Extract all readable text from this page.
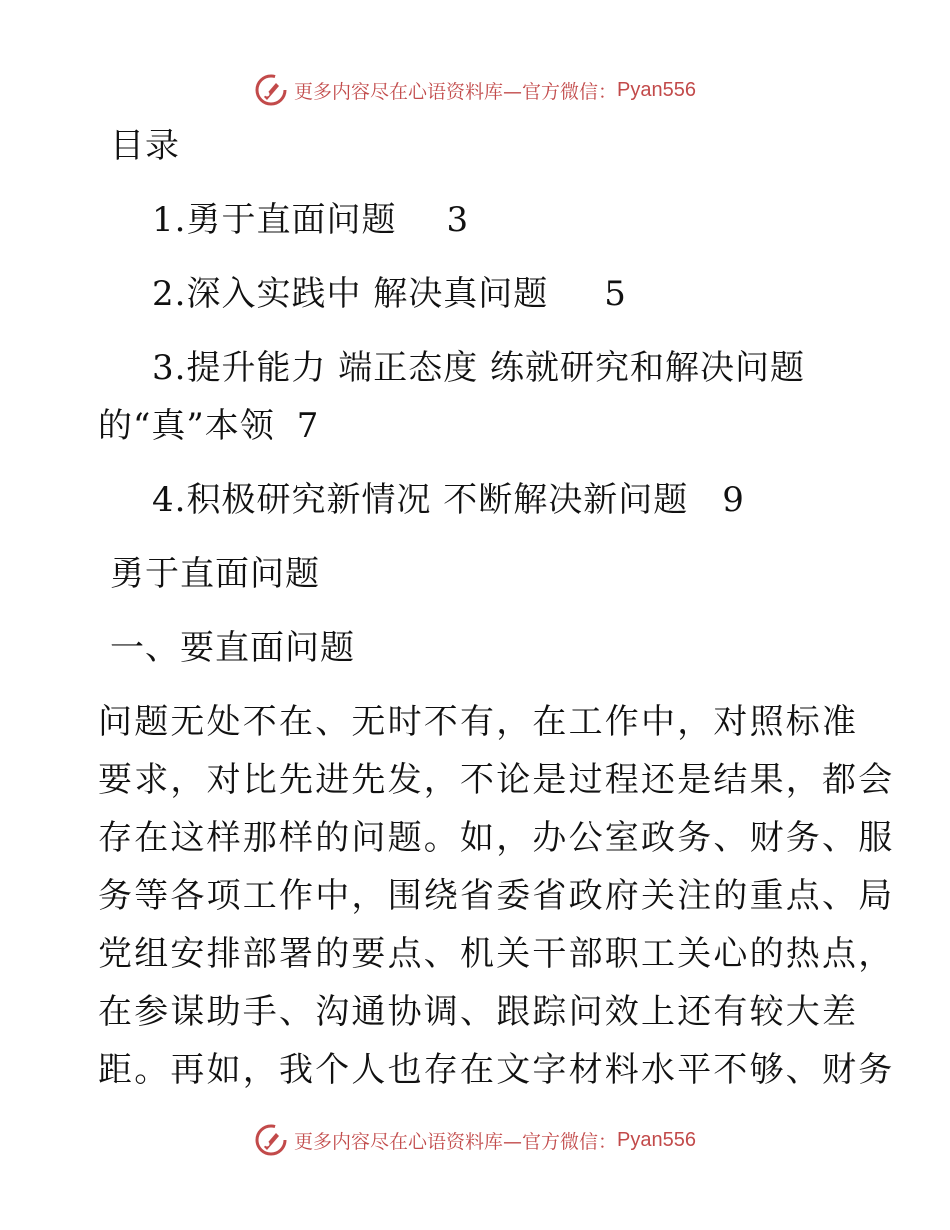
更多内容尽在心语资料库—官方微信： Pyan556
目录
1.勇于直面问题 3
2.深入实践中 解决真问题 5
3.提升能力 端正态度 练就研究和解决问题
的“真”本领 7
4.积极研究新情况 不断解决新问题 9
勇于直面问题
一、要直面问题
问题无处不在、无时不有，在工作中，对照标准
要求，对比先进先发，不论是过程还是结果，都会
存在这样那样的问题。如，办公室政务、财务、服
务等各项工作中，围绕省委省政府关注的重点、局
党组安排部署的要点、机关干部职工关心的热点，
在参谋助手、沟通协调、跟踪问效上还有较大差
距。再如，我个人也存在文字材料水平不够、财务
更多内容尽在心语资料库—官方微信： Pyan556
